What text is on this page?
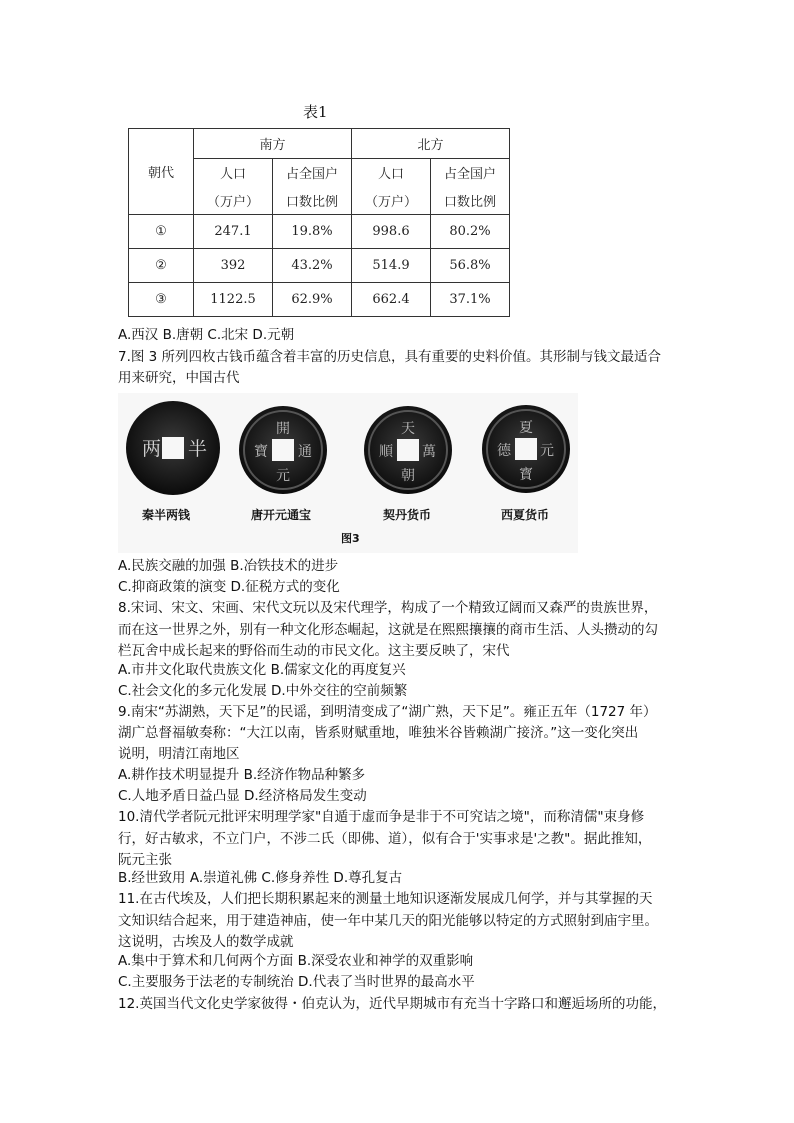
表1
朝代	南方		北方	
	人口	占全国户	人口	占全国户
	（万户）	口数比例	（万户）	口数比例
①	247.1	19.8%	998.6	80.2%
②	392	43.2%	514.9	56.8%
③	1122.5	62.9%	662.4	37.1%
A.西汉 B.唐朝 C.北宋 D.元朝
7.图 3 所列四枚古钱币蕴含着丰富的历史信息，具有重要的史料价值。其形制与钱文最适合
用来研究，中国古代
两 半
開
元
通
寶
天
朝
萬
順
夏
寳
元
德
秦半两钱	唐开元通宝	契丹货币	西夏货币
图3
A.民族交融的加强 B.冶铁技术的进步
C.抑商政策的演变 D.征税方式的变化
8.宋词、宋文、宋画、宋代文玩以及宋代理学，构成了一个精致辽阔而又森严的贵族世界，
而在这一世界之外，别有一种文化形态崛起，这就是在熙熙攘攘的商市生活、人头攒动的勾
栏瓦舍中成长起来的野俗而生动的市民文化。这主要反映了，宋代
A.市井文化取代贵族文化 B.儒家文化的再度复兴
C.社会文化的多元化发展 D.中外交往的空前频繁
9.南宋“苏湖熟，天下足”的民谣，到明清变成了“湖广熟，天下足”。雍正五年（1727 年）
湖广总督福敏奏称：“大江以南，皆系财赋重地，唯独米谷皆赖湖广接济。”这一变化突出
说明，明清江南地区
A.耕作技术明显提升 B.经济作物品种繁多
C.人地矛盾日益凸显 D.经济格局发生变动
10.清代学者阮元批评宋明理学家"自遁于虚而争是非于不可究诘之境"，而称清儒"束身修
行，好古敏求，不立门户，不涉二氏（即佛、道），似有合于'实事求是'之教"。据此推知，
阮元主张
B.经世致用 A.崇道礼佛 C.修身养性 D.尊孔复古
11.在古代埃及，人们把长期积累起来的测量土地知识逐渐发展成几何学，并与其掌握的天
文知识结合起来，用于建造神庙，使一年中某几天的阳光能够以特定的方式照射到庙宇里。
这说明，古埃及人的数学成就
A.集中于算术和几何两个方面 B.深受农业和神学的双重影响
C.主要服务于法老的专制统治 D.代表了当时世界的最高水平
12.英国当代文化史学家彼得・伯克认为，近代早期城市有充当十字路口和邂逅场所的功能，
